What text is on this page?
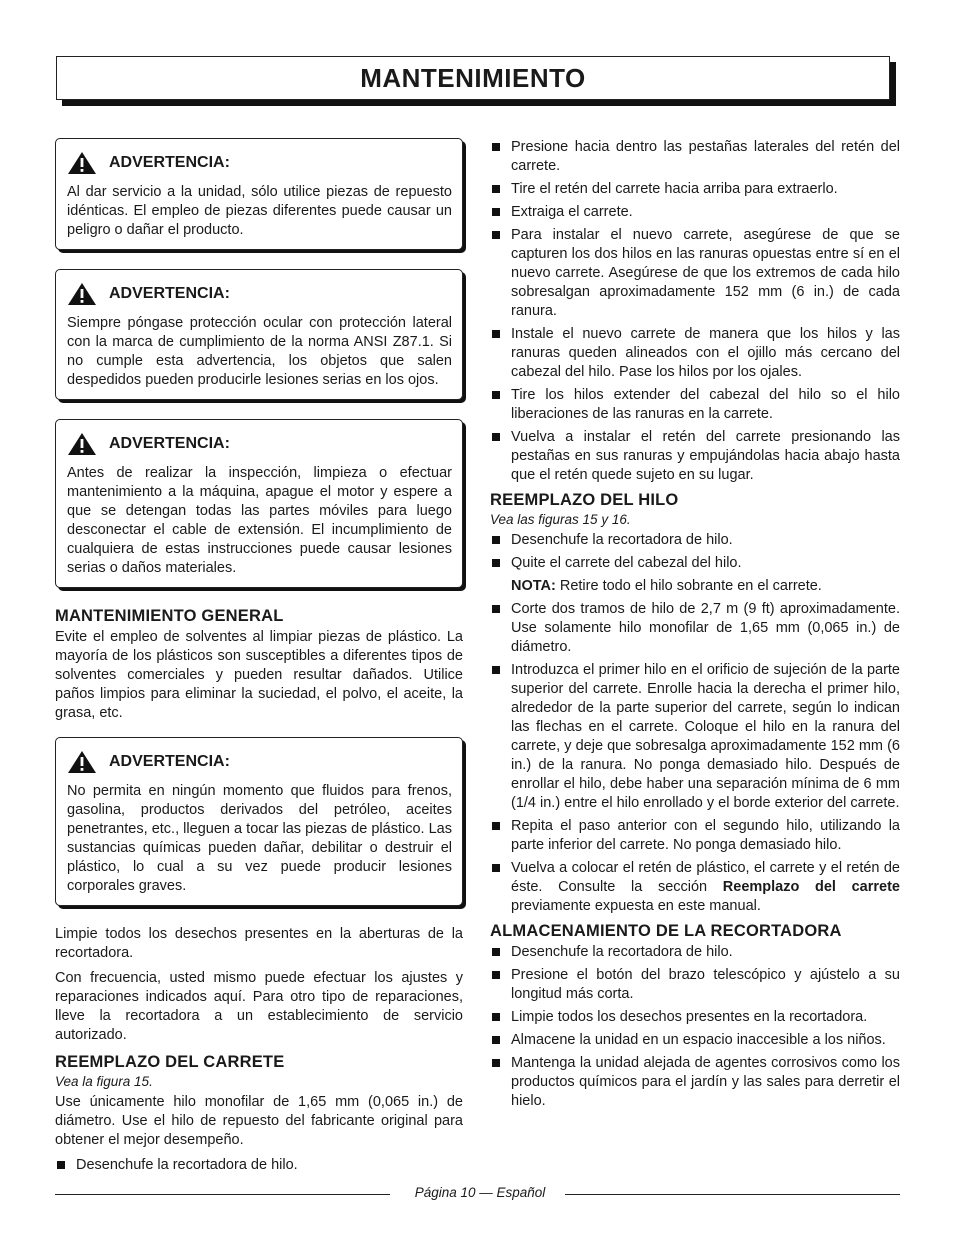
MANTENIMIENTO
ADVERTENCIA:

Al dar servicio a la unidad, sólo utilice piezas de repuesto idénticas. El empleo de piezas diferentes puede causar un peligro o dañar el producto.

ADVERTENCIA:

Siempre póngase protección ocular con protección lateral con la marca de cumplimiento de la norma ANSI Z87.1. Si no cumple esta advertencia, los objetos que salen despedidos pueden producirle lesiones serias en los ojos.

ADVERTENCIA:

Antes de realizar la inspección, limpieza o efectuar mantenimiento a la máquina, apague el motor y espere a que se detengan todas las partes móviles para luego desconectar el cable de extensión. El incumplimiento de cualquiera de estas instrucciones puede causar lesiones serias o daños materiales.

MANTENIMIENTO GENERAL

Evite el empleo de solventes al limpiar piezas de plástico. La mayoría de los plásticos son susceptibles a diferentes tipos de solventes comerciales y pueden resultar dañados. Utilice paños limpios para eliminar la suciedad, el polvo, el aceite, la grasa, etc.

ADVERTENCIA:

No permita en ningún momento que fluidos para frenos, gasolina, productos derivados del petróleo, aceites penetrantes, etc., lleguen a tocar las piezas de plástico. Las sustancias químicas pueden dañar, debilitar o destruir el plástico, lo cual a su vez puede producir lesiones corporales graves.

Limpie todos los desechos presentes en la aberturas de la recortadora.

Con frecuencia, usted mismo puede efectuar los ajustes y reparaciones indicados aquí. Para otro tipo de reparaciones, lleve la recortadora a un establecimiento de servicio autorizado.

REEMPLAZO DEL CARRETE

Vea la figura 15.

Use únicamente hilo monofilar de 1,65 mm (0,065 in.) de diámetro. Use el hilo de repuesto del fabricante original para obtener el mejor desempeño.

Desenchufe la recortadora de hilo.
Presione hacia dentro las pestañas laterales del retén del carrete.
Tire el retén del carrete hacia arriba para extraerlo.
Extraiga el carrete.
Para instalar el nuevo carrete, asegúrese de que se capturen los dos hilos en las ranuras opuestas entre sí en el nuevo carrete. Asegúrese de que los extremos de cada hilo sobresalgan aproximadamente 152 mm (6 in.) de cada ranura.
Instale el nuevo carrete de manera que los hilos y las ranuras queden alineados con el ojillo más cercano del cabezal del hilo. Pase los hilos por los ojales.
Tire los hilos extender del cabezal del hilo so el hilo liberaciones de las ranuras en la carrete.
Vuelva a instalar el retén del carrete presionando las pestañas en sus ranuras y empujándolas hacia abajo hasta que el retén quede sujeto en su lugar.
REEMPLAZO DEL HILO

Vea las figuras 15 y 16.

Desenchufe la recortadora de hilo.
Quite el carrete del cabezal del hilo.

NOTA: Retire todo el hilo sobrante en el carrete.

Corte dos tramos de hilo de 2,7 m (9 ft) aproximadamente. Use solamente hilo monofilar de 1,65 mm (0,065 in.) de diámetro.
Introduzca el primer hilo en el orificio de sujeción de la parte superior del carrete. Enrolle hacia la derecha el primer hilo, alrededor de la parte superior del carrete, según lo indican las flechas en el carrete. Coloque el hilo en la ranura del carrete, y deje que sobresalga aproximadamente 152 mm (6 in.) de la ranura. No ponga demasiado hilo. Después de enrollar el hilo, debe haber una separación mínima de 6 mm (1/4 in.) entre el hilo enrollado y el borde exterior del carrete.
Repita el paso anterior con el segundo hilo, utilizando la parte inferior del carrete. No ponga demasiado hilo.
Vuelva a colocar el retén de plástico, el carrete y el retén de éste. Consulte la sección Reemplazo del carrete previamente expuesta en este manual.
ALMACENAMIENTO DE LA RECORTADORA
Desenchufe la recortadora de hilo.
Presione el botón del brazo telescópico y ajústelo a su longitud más corta.
Limpie todos los desechos presentes en la recortadora.
Almacene la unidad en un espacio inaccesible a los niños.
Mantenga la unidad alejada de agentes corrosivos como los productos químicos para el jardín y las sales para derretir el hielo.
Página 10 — Español
